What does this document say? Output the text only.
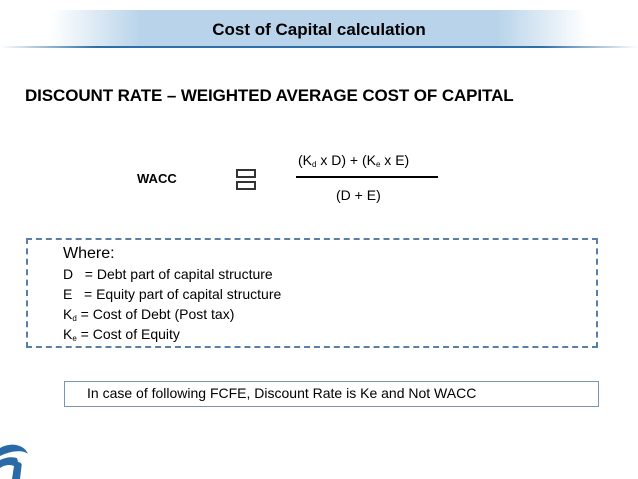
Cost of Capital calculation
DISCOUNT RATE – WEIGHTED AVERAGE COST OF CAPITAL
WACC
($K_d$ x $D) + (K_e$ x E)
(D + E)
Where:
D   = Debt part of capital structure
E   = Equity part of capital structure
$K_d$ = Cost of Debt (Post tax)
$K_e$ = Cost of Equity
In case of following FCFE, Discount Rate is Ke and Not WACC
